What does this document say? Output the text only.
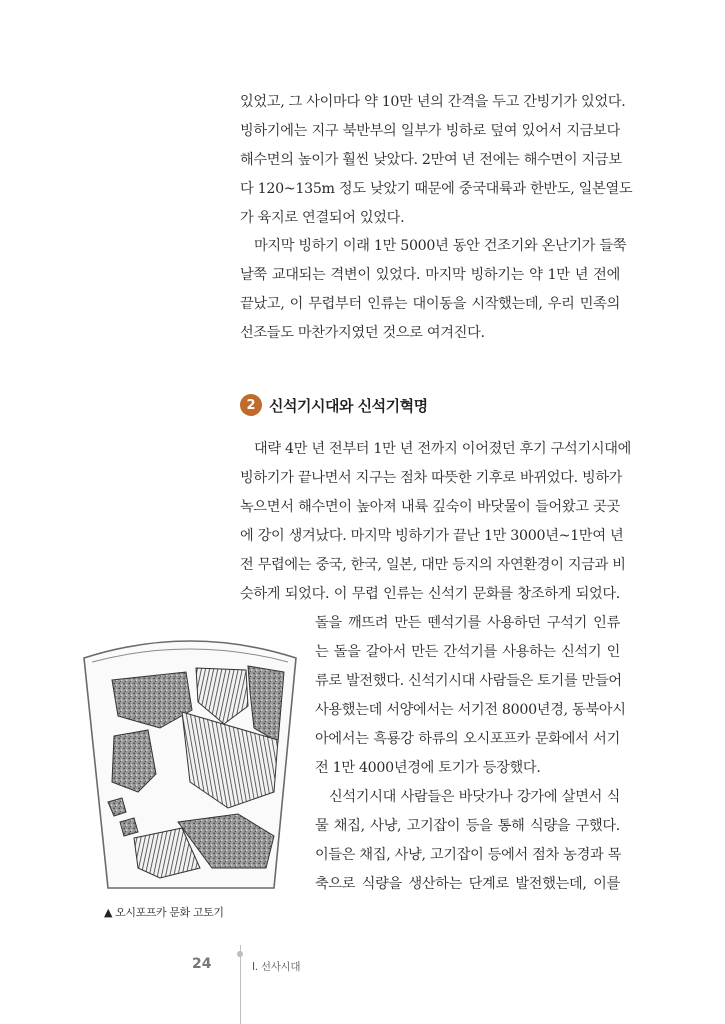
있었고, 그 사이마다 약 10만 년의 간격을 두고 간빙기가 있었다.
빙하기에는 지구 북반부의 일부가 빙하로 덮여 있어서 지금보다
해수면의 높이가 훨씬 낮았다. 2만여 년 전에는 해수면이 지금보
다 120~135m 정도 낮았기 때문에 중국대륙과 한반도, 일본열도
가 육지로 연결되어 있었다.
마지막 빙하기 이래 1만 5000년 동안 건조기와 온난기가 들쭉
날쭉 교대되는 격변이 있었다. 마지막 빙하기는 약 1만 년 전에
끝났고, 이 무렵부터 인류는 대이동을 시작했는데, 우리 민족의
선조들도 마찬가지였던 것으로 여겨진다.
2 신석기시대와 신석기혁명
대략 4만 년 전부터 1만 년 전까지 이어졌던 후기 구석기시대에
빙하기가 끝나면서 지구는 점차 따뜻한 기후로 바뀌었다. 빙하가
녹으면서 해수면이 높아져 내륙 깊숙이 바닷물이 들어왔고 곳곳
에 강이 생겨났다. 마지막 빙하기가 끝난 1만 3000년~1만여 년
전 무렵에는 중국, 한국, 일본, 대만 등지의 자연환경이 지금과 비
슷하게 되었다. 이 무렵 인류는 신석기 문화를 창조하게 되었다.
돌을 깨뜨려 만든 뗀석기를 사용하던 구석기 인류
는 돌을 갈아서 만든 간석기를 사용하는 신석기 인
류로 발전했다. 신석기시대 사람들은 토기를 만들어
사용했는데 서양에서는 서기전 8000년경, 동북아시
아에서는 흑룡강 하류의 오시포프카 문화에서 서기
전 1만 4000년경에 토기가 등장했다.
신석기시대 사람들은 바닷가나 강가에 살면서 식
물 채집, 사냥, 고기잡이 등을 통해 식량을 구했다.
이들은 채집, 사냥, 고기잡이 등에서 점차 농경과 목
축으로 식량을 생산하는 단계로 발전했는데, 이를
▲ 오시포프카 문화 고토기
24	I. 선사시대
